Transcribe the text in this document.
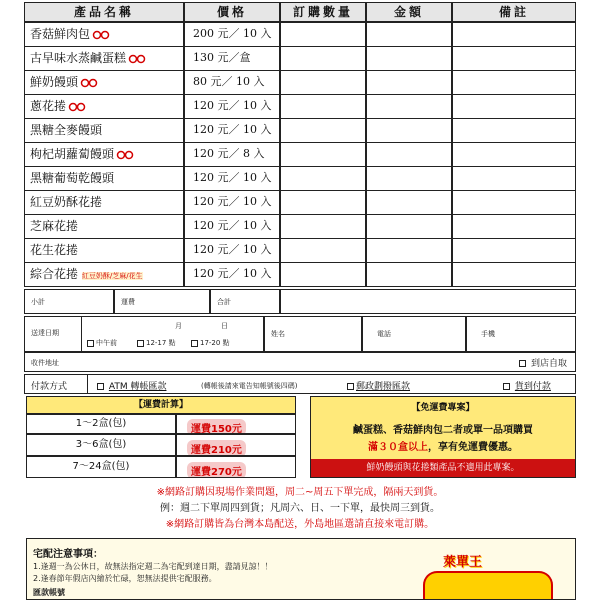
產品名稱	價格	訂購數量	金額	備註
香菇鮮肉包	200 元／ 10 入
古早味水蒸鹹蛋糕	130 元／盒
鮮奶饅頭	80 元／ 10 入
蔥花捲	120 元／ 10 入
黑糖全麥饅頭	120 元／ 10 入
枸杞胡蘿蔔饅頭	120 元／ 8 入
黑糖葡萄乾饅頭	120 元／ 10 入
紅豆奶酥花捲	120 元／ 10 入
芝麻花捲	120 元／ 10 入
花生花捲	120 元／ 10 入
綜合花捲 紅豆奶酥/芝麻/花生	120 元／ 10 入
小計	運費	合計
送達日期
月	日
中午前	12-17 點	17-20 點
姓名	電話	手機
收件地址	到店自取
付款方式	ATM 轉帳匯款	(轉帳後請來電告知帳號後四碼)	郵政劃撥匯款	貨到付款
【運費計算】
1～2盒(包)
運費150元
3～6盒(包)
運費210元
7～24盒(包)
運費270元
【免運費專案】
鹹蛋糕、香菇鮮肉包二者或單一品項購買
滿３０盒以上，享有免運費優惠。
鮮奶饅頭與花捲類產品不適用此專案。
※網路訂購因現場作業問題，周二~周五下單完成，隔兩天到貨。
例：週二下單周四到貨；凡周六、日、一下單，最快周三到貨。
※網路訂購皆為台灣本島配送，外島地區選請直接來電訂購。
宅配注意事項：
1.逢週一為公休日，故無法指定週二為宅配到達日期，盡請見諒！！
2.逢春節年假店內繪於忙碌，恕無法提供宅配服務。
匯款帳號
萊單王
